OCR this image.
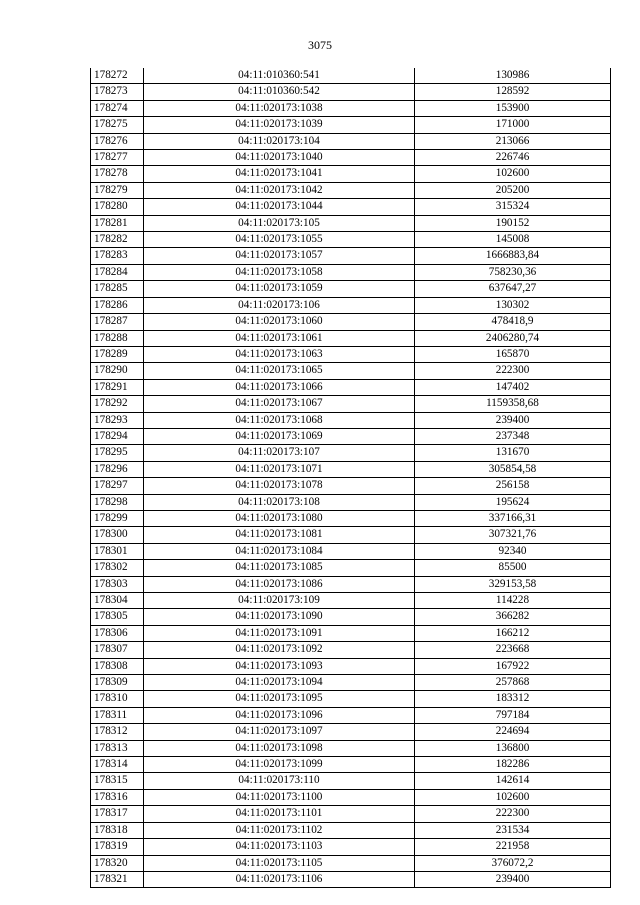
3075
178272	04:11:010360:541	130986
178273	04:11:010360:542	128592
178274	04:11:020173:1038	153900
178275	04:11:020173:1039	171000
178276	04:11:020173:104	213066
178277	04:11:020173:1040	226746
178278	04:11:020173:1041	102600
178279	04:11:020173:1042	205200
178280	04:11:020173:1044	315324
178281	04:11:020173:105	190152
178282	04:11:020173:1055	145008
178283	04:11:020173:1057	1666883,84
178284	04:11:020173:1058	758230,36
178285	04:11:020173:1059	637647,27
178286	04:11:020173:106	130302
178287	04:11:020173:1060	478418,9
178288	04:11:020173:1061	2406280,74
178289	04:11:020173:1063	165870
178290	04:11:020173:1065	222300
178291	04:11:020173:1066	147402
178292	04:11:020173:1067	1159358,68
178293	04:11:020173:1068	239400
178294	04:11:020173:1069	237348
178295	04:11:020173:107	131670
178296	04:11:020173:1071	305854,58
178297	04:11:020173:1078	256158
178298	04:11:020173:108	195624
178299	04:11:020173:1080	337166,31
178300	04:11:020173:1081	307321,76
178301	04:11:020173:1084	92340
178302	04:11:020173:1085	85500
178303	04:11:020173:1086	329153,58
178304	04:11:020173:109	114228
178305	04:11:020173:1090	366282
178306	04:11:020173:1091	166212
178307	04:11:020173:1092	223668
178308	04:11:020173:1093	167922
178309	04:11:020173:1094	257868
178310	04:11:020173:1095	183312
178311	04:11:020173:1096	797184
178312	04:11:020173:1097	224694
178313	04:11:020173:1098	136800
178314	04:11:020173:1099	182286
178315	04:11:020173:110	142614
178316	04:11:020173:1100	102600
178317	04:11:020173:1101	222300
178318	04:11:020173:1102	231534
178319	04:11:020173:1103	221958
178320	04:11:020173:1105	376072,2
178321	04:11:020173:1106	239400
